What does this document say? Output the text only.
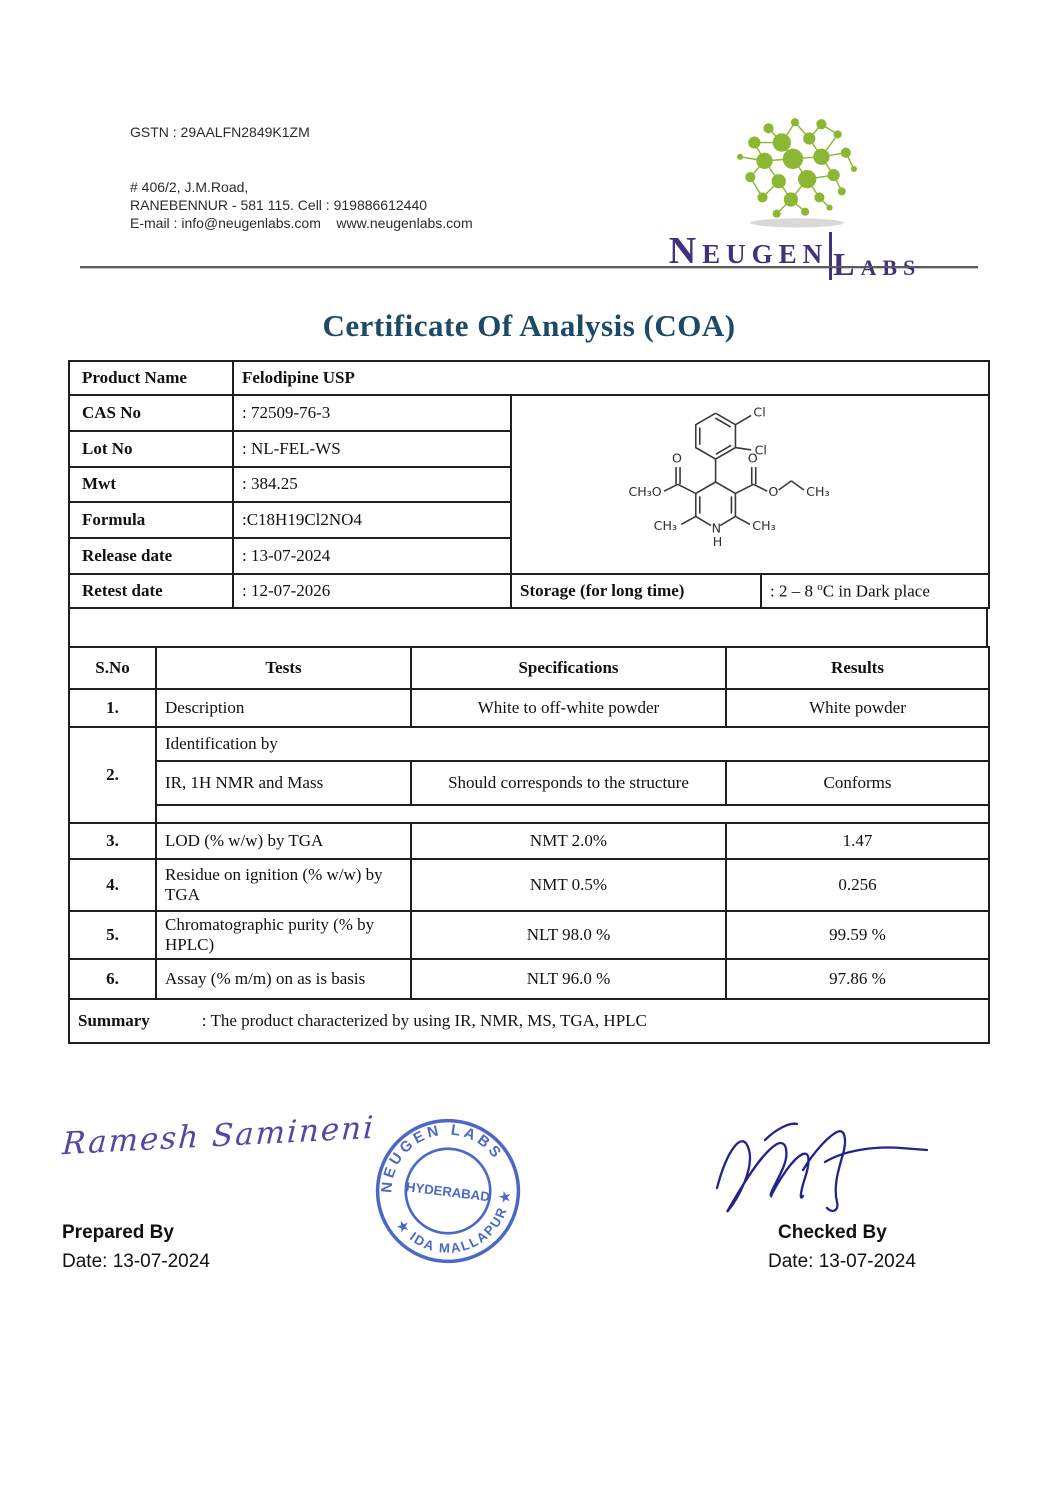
GSTN : 29AALFN2849K1ZM
# 406/2, J.M.Road,
RANEBENNUR - 581 115. Cell : 919886612440
E-mail : info@neugenlabs.com    www.neugenlabs.com
Neugen Labs
Certificate Of Analysis (COA)
Product Name	Felodipine USP		
CAS No	: 72509-76-3	Cl
Cl
N
H
O
CH₃O
O
O	CH₃
CH₃	CH₃

Lot No	: NL-FEL-WS		
Mwt	: 384.25		
Formula	:C18H19Cl2NO4		
Release date	: 13-07-2024		
Retest date	: 12-07-2026	Storage (for long time)	: 2 – 8 $^o$C in Dark place
S.No	Tests	Specifications	Results
1.	Description	White to off-white powder	White powder
2.	Identification by		
	IR, 1H NMR and Mass	Should corresponds to the structure	Conforms

3.	LOD (% w/w) by TGA	NMT 2.0%	1.47
4.	Residue on ignition (% w/w) by TGA	NMT 0.5%	0.256
5.	Chromatographic purity (% by HPLC)	NLT 98.0 %	99.59 %
6.	Assay (% m/m) on as is basis	NLT 96.0 %	97.86 %
Summary : The product characterized by using IR, NMR, MS, TGA, HPLC			
Ramesh Samineni
Prepared By
Date: 13-07-2024
NEUGEN LABS
★ IDA MALLAPUR ★
HYDERABAD
Checked By
Date: 13-07-2024
